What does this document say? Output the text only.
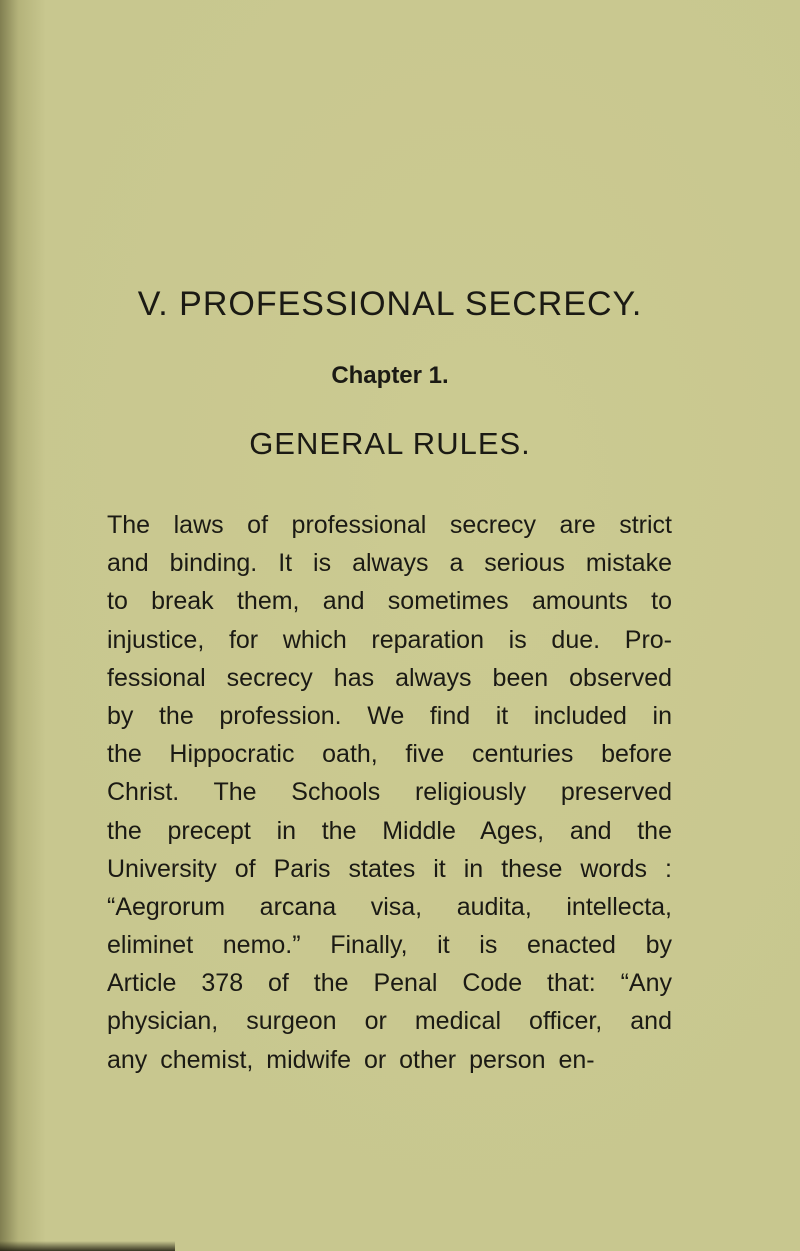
V. PROFESSIONAL SECRECY.
Chapter 1.
GENERAL RULES.
The laws of professional secrecy are strict
and binding. It is always a serious mistake
to break them, and sometimes amounts to
injustice, for which reparation is due. Pro-
fessional secrecy has always been observed
by the profession. We find it included in
the Hippocratic oath, five centuries before
Christ. The Schools religiously preserved
the precept in the Middle Ages, and the
University of Paris states it in these words :
“Aegrorum arcana visa, audita, intellecta,
eliminet nemo.” Finally, it is enacted by
Article 378 of the Penal Code that: “Any
physician, surgeon or medical officer, and
any chemist, midwife or other person en-
